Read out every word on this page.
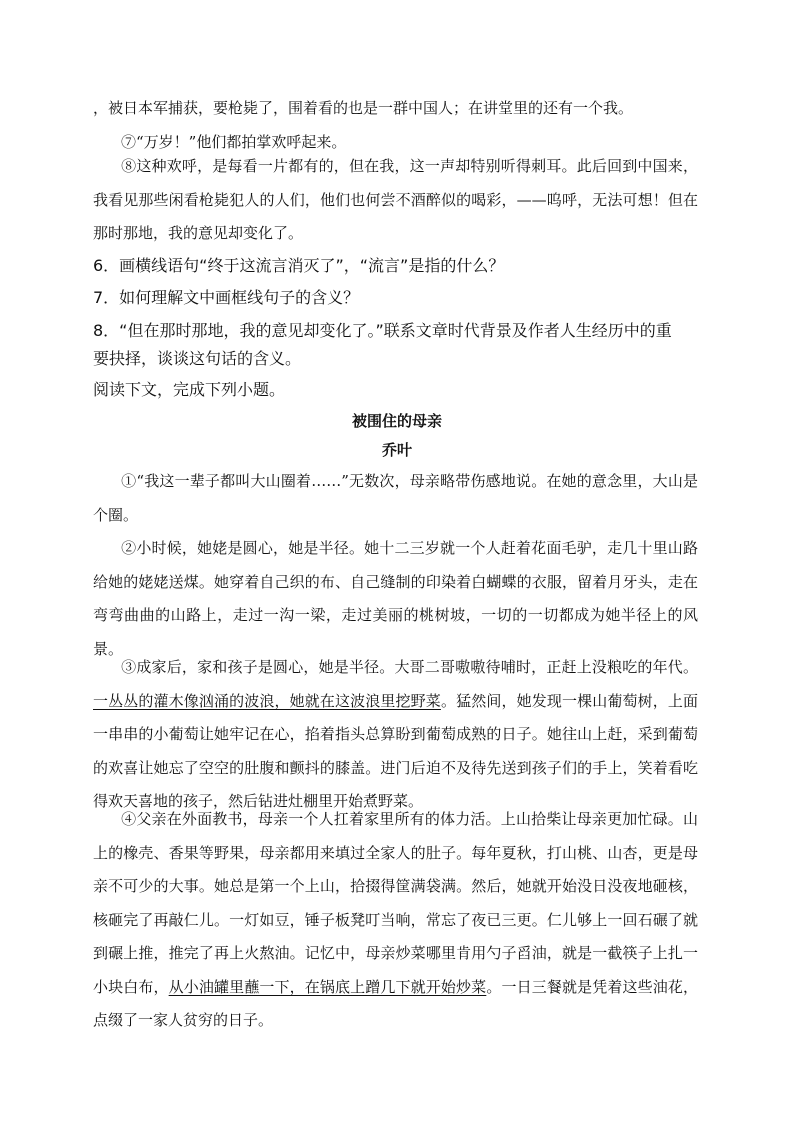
，被日本军捕获，要枪毙了，围着看的也是一群中国人；在讲堂里的还有一个我。
⑦“万岁！”他们都拍掌欢呼起来。
⑧这种欢呼，是每看一片都有的，但在我，这一声却特别听得刺耳。此后回到中国来，我看见那些闲看枪毙犯人的人们，他们也何尝不酒醉似的喝彩，——呜呼，无法可想！但在那时那地，我的意见却变化了。
6．画横线语句“终于这流言消灭了”，“流言”是指的什么？
7．如何理解文中画框线句子的含义？
8．“但在那时那地，我的意见却变化了。”联系文章时代背景及作者人生经历中的重
要抉择，谈谈这句话的含义。
阅读下文，完成下列小题。
被围住的母亲
乔叶
①“我这一辈子都叫大山圈着……”无数次，母亲略带伤感地说。在她的意念里，大山是个圈。
②小时候，她姥是圆心，她是半径。她十二三岁就一个人赶着花面毛驴，走几十里山路给她的姥姥送煤。她穿着自己织的布、自己缝制的印染着白蝴蝶的衣服，留着月牙头，走在弯弯曲曲的山路上，走过一沟一梁，走过美丽的桃树坡，一切的一切都成为她半径上的风景。
③成家后，家和孩子是圆心，她是半径。大哥二哥嗷嗷待哺时，正赶上没粮吃的年代。一丛丛的灌木像汹涌的波浪，她就在这波浪里挖野菜。猛然间，她发现一棵山葡萄树，上面一串串的小葡萄让她牢记在心，掐着指头总算盼到葡萄成熟的日子。她往山上赶，采到葡萄的欢喜让她忘了空空的肚腹和颤抖的膝盖。进门后迫不及待先送到孩子们的手上，笑着看吃得欢天喜地的孩子，然后钻进灶棚里开始煮野菜。
④父亲在外面教书，母亲一个人扛着家里所有的体力活。上山拾柴让母亲更加忙碌。山上的橡壳、香果等野果，母亲都用来填过全家人的肚子。每年夏秋，打山桃、山杏，更是母亲不可少的大事。她总是第一个上山，拾掇得筐满袋满。然后，她就开始没日没夜地砸核，核砸完了再敲仁儿。一灯如豆，锤子板凳叮当响，常忘了夜已三更。仁儿够上一回石碾了就到碾上推，推完了再上火熬油。记忆中，母亲炒菜哪里肯用勺子舀油，就是一截筷子上扎一小块白布，从小油罐里蘸一下，在锅底上蹭几下就开始炒菜。一日三餐就是凭着这些油花，点缀了一家人贫穷的日子。
